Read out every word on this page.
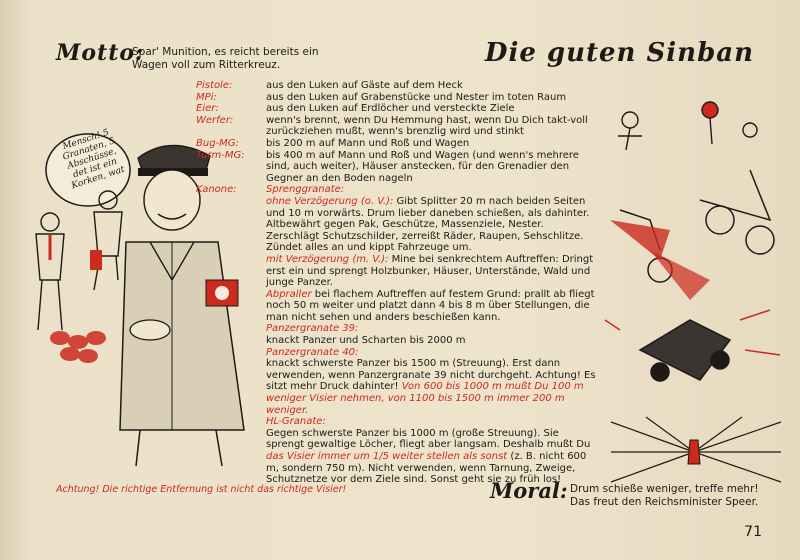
Motto:
Spar' Munition, es reicht bereits ein Wagen voll zum Ritterkreuz.	Die guten Sinban
Mensch! 5 Granaten, 5 Abschüsse, det ist ein Korken, wat
Pistole:	aus den Luken auf Gäste auf dem Heck
MPi:	aus den Luken auf Grabenstücke und Nester im toten Raum
Eier:	aus den Luken auf Erdlöcher und versteckte Ziele
Werfer:	wenn's brennt, wenn Du Hemmung hast, wenn Du Dich takt-voll zurückziehen mußt, wenn's brenzlig wird und stinkt
Bug-MG:	bis 200 m auf Mann und Roß und Wagen
Turm-MG:	bis 400 m auf Mann und Roß und Wagen (und wenn's mehrere sind, auch weiter), Häuser anstecken, für den Grenadier den Gegner an den Boden nageln
Kanone:	Sprenggranate:
ohne Verzögerung (o. V.): Gibt Splitter 20 m nach beiden Seiten und 10 m vorwärts. Drum lieber daneben schießen, als dahinter. Altbewährt gegen Pak, Geschütze, Massenziele, Nester. Zerschlägt Schutzschilder, zerreißt Räder, Raupen, Sehschlitze. Zündet alles an und kippt Fahrzeuge um.
mit Verzögerung (m. V.): Mine bei senkrechtem Auftreffen: Dringt erst ein und sprengt Holzbunker, Häuser, Unterstände, Wald und junge Panzer.
Abpraller bei flachem Auftreffen auf festem Grund: prallt ab fliegt noch 50 m weiter und platzt dann 4 bis 8 m über Stellungen, die man nicht sehen und anders beschießen kann.
Panzergranate 39:
knackt Panzer und Scharten bis 2000 m
Panzergranate 40:
knackt schwerste Panzer bis 1500 m (Streuung). Erst dann verwenden, wenn Panzergranate 39 nicht durchgeht. Achtung! Es sitzt mehr Druck dahinter! Von 600 bis 1000 m mußt Du 100 m weniger Visier nehmen, von 1100 bis 1500 m immer 200 m weniger.
HL-Granate:
Gegen schwerste Panzer bis 1000 m (große Streuung). Sie sprengt gewaltige Löcher, fliegt aber langsam. Deshalb mußt Du das Visier immer um 1/5 weiter stellen als sonst (z. B. nicht 600 m, sondern 750 m). Nicht verwenden, wenn Tarnung, Zweige, Schutznetze vor dem Ziele sind. Sonst geht sie zu früh los!
Achtung! Die richtige Entfernung ist nicht das richtige Visier!	Moral: Drum schieße weniger, treffe mehr! Das freut den Reichsminister Speer.
71
